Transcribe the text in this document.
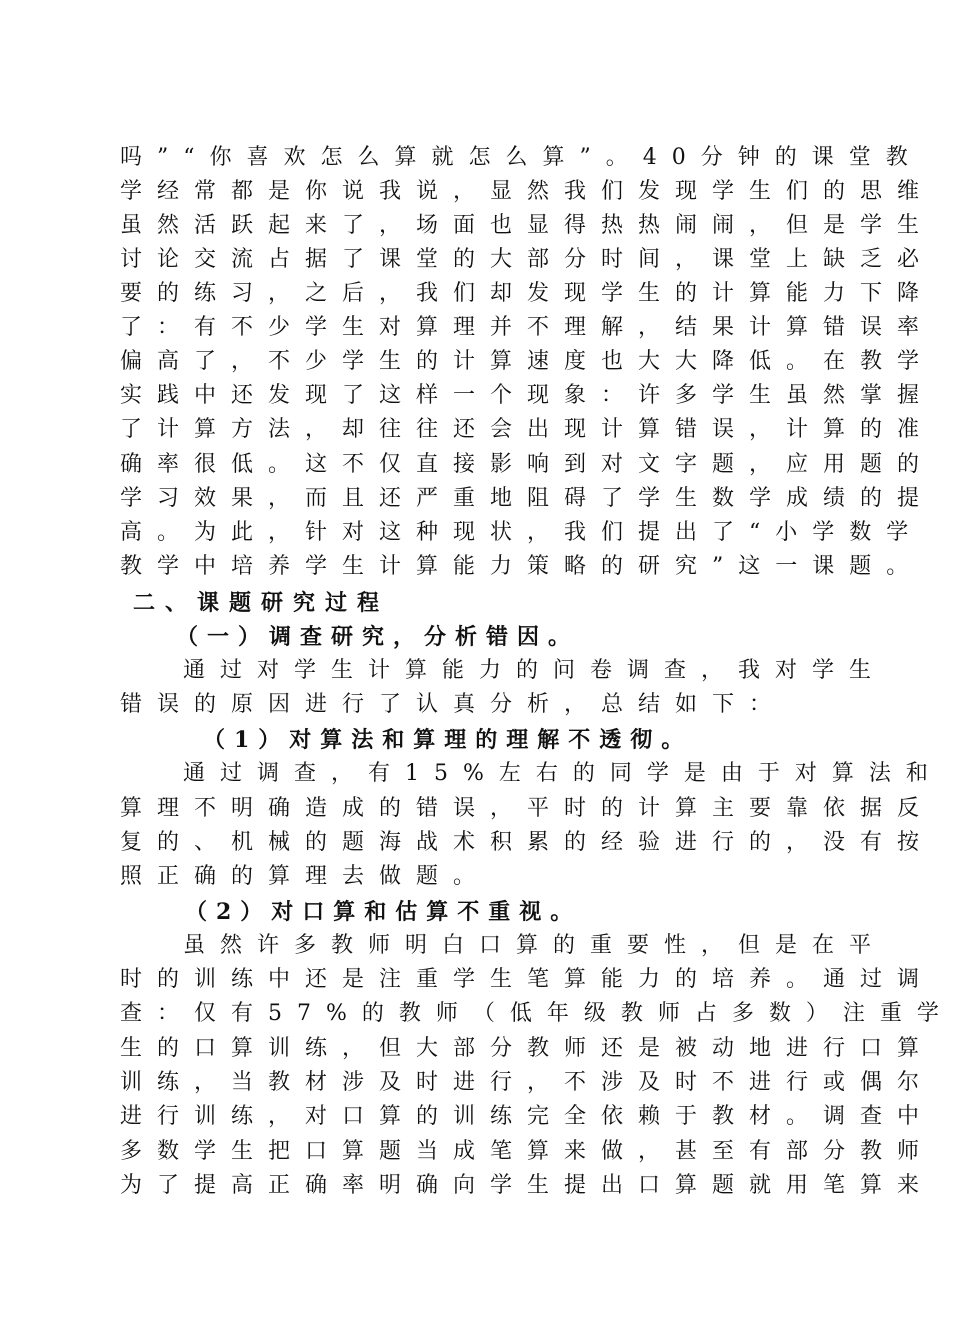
吗”“你喜欢怎么算就怎么算”。40分钟的课堂教
学经常都是你说我说，显然我们发现学生们的思维
虽然活跃起来了，场面也显得热热闹闹，但是学生
讨论交流占据了课堂的大部分时间，课堂上缺乏必
要的练习，之后，我们却发现学生的计算能力下降
了：有不少学生对算理并不理解，结果计算错误率
偏高了，不少学生的计算速度也大大降低。在教学
实践中还发现了这样一个现象：许多学生虽然掌握
了计算方法，却往往还会出现计算错误，计算的准
确率很低。这不仅直接影响到对文字题，应用题的
学习效果，而且还严重地阻碍了学生数学成绩的提
高。为此，针对这种现状，我们提出了“小学数学
教学中培养学生计算能力策略的研究”这一课题。
二、课题研究过程
（一）调查研究，分析错因。
通过对学生计算能力的问卷调查，我对学生
错误的原因进行了认真分析，总结如下：
（1）对算法和算理的理解不透彻。
通过调查，有15%左右的同学是由于对算法和
算理不明确造成的错误，平时的计算主要靠依据反
复的、机械的题海战术积累的经验进行的，没有按
照正确的算理去做题。
（2）对口算和估算不重视。
虽然许多教师明白口算的重要性，但是在平
时的训练中还是注重学生笔算能力的培养。通过调
查：仅有57%的教师（低年级教师占多数）注重学
生的口算训练，但大部分教师还是被动地进行口算
训练，当教材涉及时进行，不涉及时不进行或偶尔
进行训练，对口算的训练完全依赖于教材。调查中
多数学生把口算题当成笔算来做，甚至有部分教师
为了提高正确率明确向学生提出口算题就用笔算来
